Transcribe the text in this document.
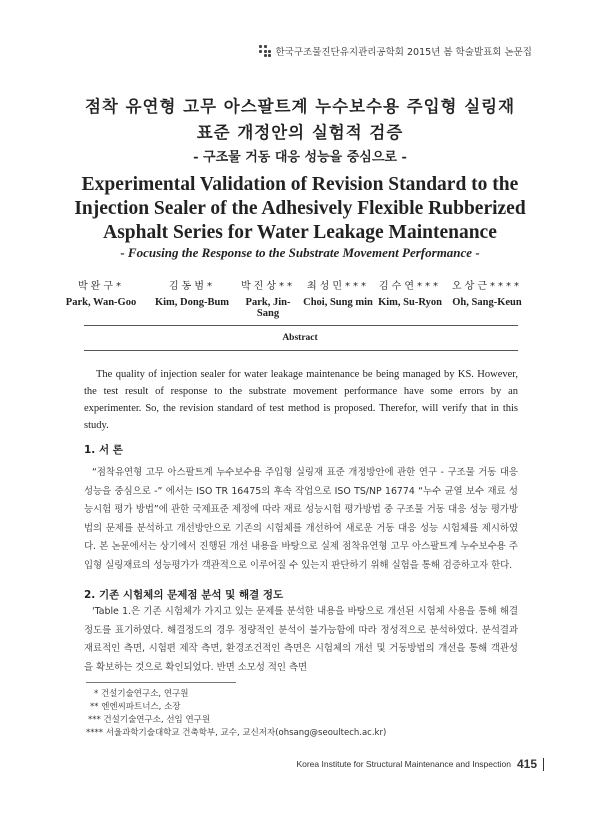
한국구조물진단유지관리공학회 2015년 봄 학술발표회 논문집
점착 유연형 고무 아스팔트계 누수보수용 주입형 실링재
표준 개정안의 실험적 검증
- 구조물 거동 대응 성능을 중심으로 -
Experimental Validation of Revision Standard to the
Injection Sealer of the Adhesively Flexible Rubberized
Asphalt Series for Water Leakage Maintenance
- Focusing the Response to the Substrate Movement Performance -
박완구*
Park, Wan-Goo
김동범*
Kim, Dong-Bum
박진상**
Park, Jin-Sang
최성민***
Choi, Sung min
김수연***
Kim, Su-Ryon
오상근****
Oh, Sang-Keun
Abstract
The quality of injection sealer for water leakage maintenance be being managed by KS. However, the test result of response to the substrate movement performance have some errors by an experimenter. So, the revision standard of test method is proposed. Therefor, will verify that in this study.
1. 서 론
“점착유연형 고무 아스팔트계 누수보수용 주입형 실링재 표준 개정방안에 관한 연구 - 구조물 거동 대응성능을 중심으로 -” 에서는 ISO TR 16475의 후속 작업으로 ISO TS/NP 16774 “누수 균열 보수 재료 성능시험 평가 방법”에 관한 국제표준 제정에 따라 재료 성능시험 평가방법 중 구조물 거동 대응 성능 평가방법의 문제를 분석하고 개선방안으로 기존의 시험체를 개선하여 새로운 거동 대응 성능 시험체를 제시하였다. 본 논문에서는 상기에서 진행된 개선 내용을 바탕으로 실제 점착유연형 고무 아스팔트계 누수보수용 주입형 실링재료의 성능평가가 객관적으로 이루어질 수 있는지 판단하기 위해 실험을 통해 검증하고자 한다.
2. 기존 시험체의 문제점 분석 및 해결 정도
'Table 1.은 기존 시험체가 가지고 있는 문제를 분석한 내용을 바탕으로 개선된 시험체 사용을 통해 해결정도를 표기하였다. 해결정도의 경우 정량적인 분석이 불가능함에 따라 정성적으로 분석하였다. 분석결과 재료적인 측면, 시험편 제작 측면, 환경조건적인 측면은 시험체의 개선 및 거동방법의 개선을 통해 객관성을 확보하는 것으로 확인되었다. 반면 소모성 적인 측면
* 건설기술연구소, 연구원
** 엔엔씨파트너스, 소장
*** 건설기술연구소, 선임 연구원
**** 서울과학기술대학교 건축학부, 교수, 교신저자(ohsang@seoultech.ac.kr)
Korea Institute for Structural Maintenance and Inspection 415
